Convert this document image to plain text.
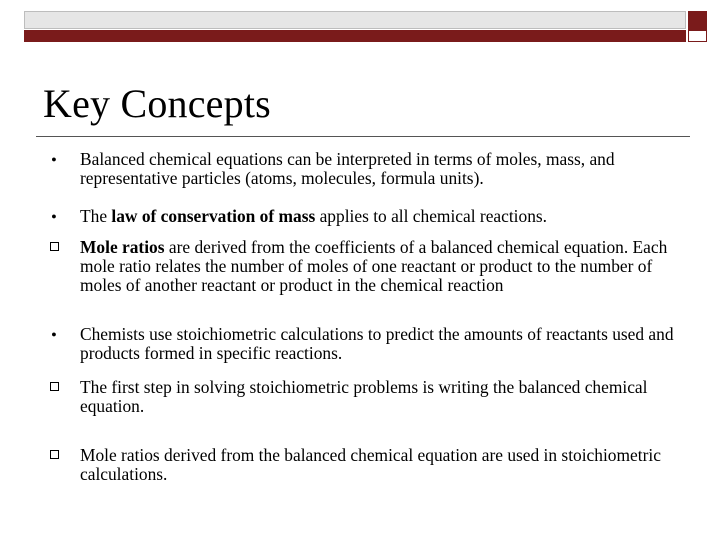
Key Concepts
●	Balanced chemical equations can be interpreted in terms of moles, mass, and representative particles (atoms, molecules, formula units).

●	The law of conservation of mass applies to all chemical reactions.

Mole ratios are derived from the coefficients of a balanced chemical equation. Each mole ratio relates the number of moles of one reactant or product to the number of moles of another reactant or product in the chemical reaction

●	Chemists use stoichiometric calculations to predict the amounts of reactants used and products formed in specific reactions.

The first step in solving stoichiometric problems is writing the balanced chemical equation.

Mole ratios derived from the balanced chemical equation are used in stoichiometric calculations.
